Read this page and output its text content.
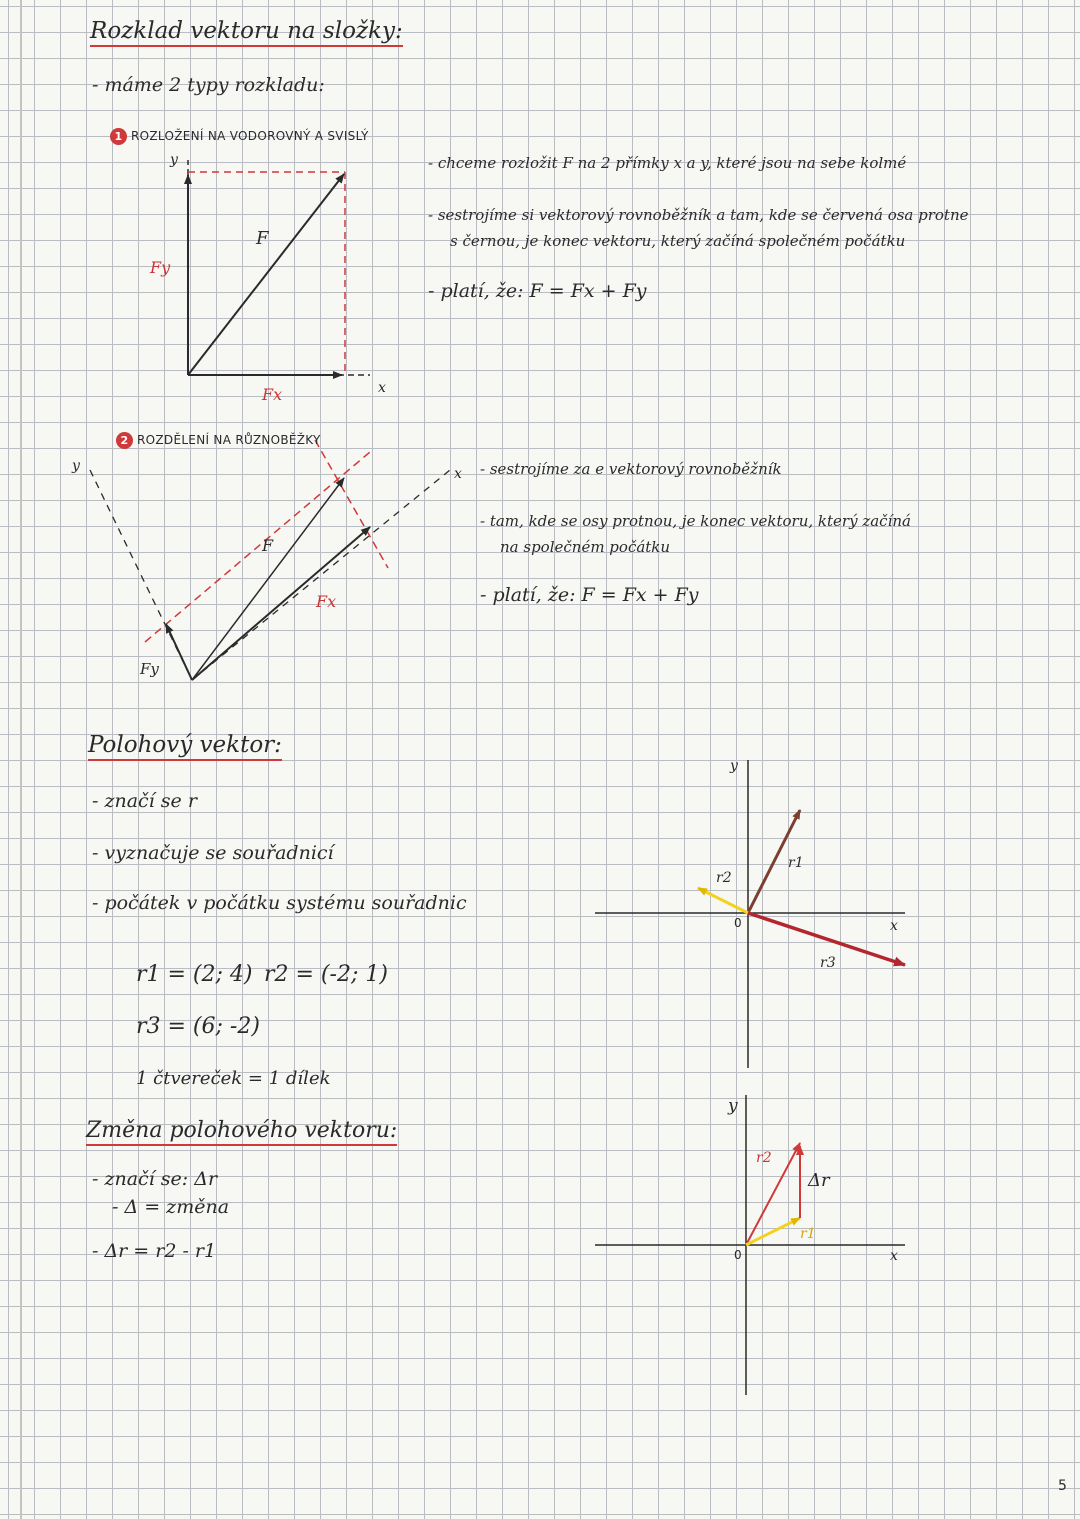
Rozklad vektoru na složky:
- máme 2 typy rozkladu:
1 ROZLOŽENÍ NA VODOROVNÝ A SVISLÝ
y
x
F
Fx
Fy
- chceme rozložit F na 2 přímky x a y, které jsou na sebe kolmé
- sestrojíme si vektorový rovnoběžník a tam, kde se červená osa protne
s černou, je konec vektoru, který začíná společném počátku
- platí, že: F = Fx + Fy
2 ROZDĚLENÍ NA RŮZNOBĚŽKY
y	x
F
Fx
Fy
- sestrojíme za e vektorový rovnoběžník
- tam, kde se osy protnou, je konec vektoru, který začíná
na společném počátku
- platí, že: F = Fx + Fy
Polohový vektor:
- značí se r
- vyznačuje se souřadnicí
- počátek v počátku systému souřadnic
r1 = (2; 4) r2 = (-2; 1)
r3 = (6; -2)
1 čtvereček = 1 dílek
y
x
0
r1
r2
r3
Změna polohového vektoru:
- značí se: Δr
- Δ = změna
- Δr = r2 - r1
y
x
0
r2
r1
Δr
5
